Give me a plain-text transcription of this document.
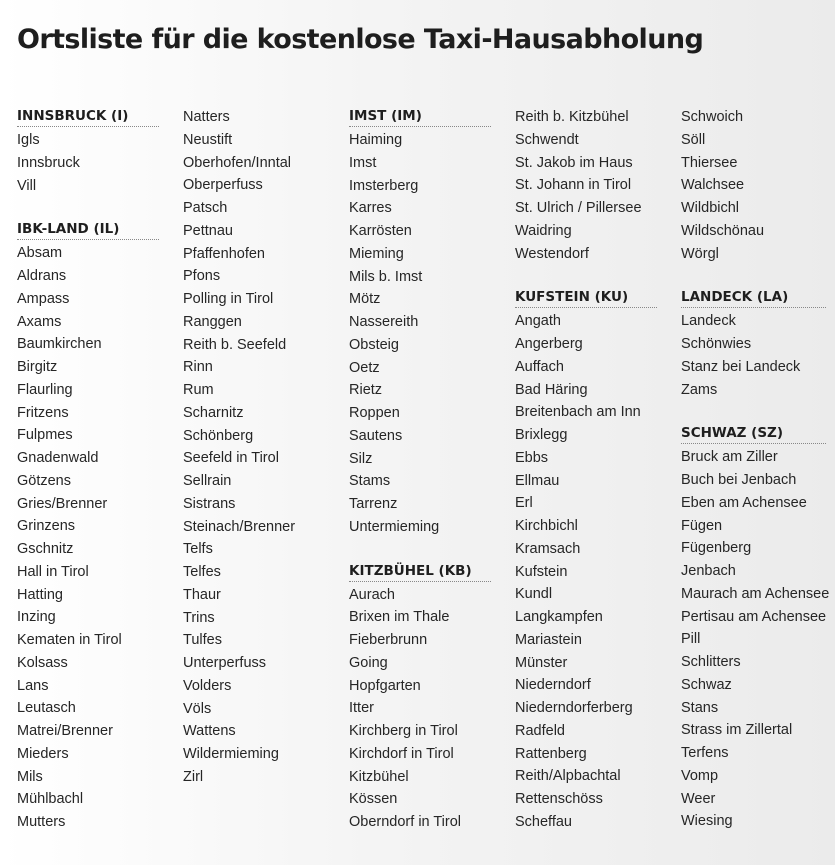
Ortsliste für die kostenlose Taxi-Hausabholung
INNSBRUCK (I)
Igls
Innsbruck
Vill
IBK-LAND (IL)
Absam
Aldrans
Ampass
Axams
Baumkirchen
Birgitz
Flaurling
Fritzens
Fulpmes
Gnadenwald
Götzens
Gries/Brenner
Grinzens
Gschnitz
Hall in Tirol
Hatting
Inzing
Kematen in Tirol
Kolsass
Lans
Leutasch
Matrei/Brenner
Mieders
Mils
Mühlbachl
Mutters
Natters
Neustift
Oberhofen/Inntal
Oberperfuss
Patsch
Pettnau
Pfaffenhofen
Pfons
Polling in Tirol
Ranggen
Reith b. Seefeld
Rinn
Rum
Scharnitz
Schönberg
Seefeld in Tirol
Sellrain
Sistrans
Steinach/Brenner
Telfs
Telfes
Thaur
Trins
Tulfes
Unterperfuss
Volders
Völs
Wattens
Wildermieming
Zirl
IMST (IM)
Haiming
Imst
Imsterberg
Karres
Karrösten
Mieming
Mils b. Imst
Mötz
Nassereith
Obsteig
Oetz
Rietz
Roppen
Sautens
Silz
Stams
Tarrenz
Untermieming
KITZBÜHEL (KB)
Aurach
Brixen im Thale
Fieberbrunn
Going
Hopfgarten
Itter
Kirchberg in Tirol
Kirchdorf in Tirol
Kitzbühel
Kössen
Oberndorf in Tirol
Reith b. Kitzbühel
Schwendt
St. Jakob im Haus
St. Johann in Tirol
St. Ulrich / Pillersee
Waidring
Westendorf
KUFSTEIN (KU)
Angath
Angerberg
Auffach
Bad Häring
Breitenbach am Inn
Brixlegg
Ebbs
Ellmau
Erl
Kirchbichl
Kramsach
Kufstein
Kundl
Langkampfen
Mariastein
Münster
Niederndorf
Niederndorferberg
Radfeld
Rattenberg
Reith/Alpbachtal
Rettenschöss
Scheffau
Schwoich
Söll
Thiersee
Walchsee
Wildbichl
Wildschönau
Wörgl
LANDECK (LA)
Landeck
Schönwies
Stanz bei Landeck
Zams
SCHWAZ (SZ)
Bruck am Ziller
Buch bei Jenbach
Eben am Achensee
Fügen
Fügenberg
Jenbach
Maurach am Achensee
Pertisau am Achensee
Pill
Schlitters
Schwaz
Stans
Strass im Zillertal
Terfens
Vomp
Weer
Wiesing
